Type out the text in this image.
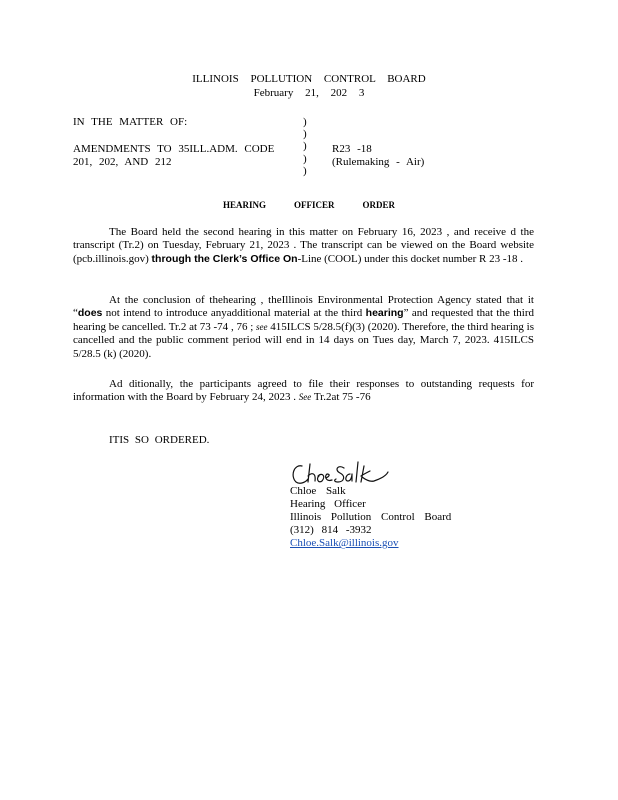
ILLINOIS POLLUTION CONTROL BOARD
February 21, 202 3
IN THE MATTER OF:
AMENDMENTS TO 35ILL.ADM. CODE
201, 202, AND 212
)
)
)
)
)
R23 -18
(Rulemaking - Air)
HEARING	OFFICER	ORDER
The Board held the second hearing in this matter on February 16, 2023 , and receive d the transcript (Tr.2) on Tuesday, February 21, 2023 . The transcript can be viewed on the Board website (pcb.illinois.gov) through the Clerk’s Office On-Line (COOL) under this docket number R 23 -18 .
At the conclusion of thehearing , theIllinois Environmental Protection Agency stated that it “does not intend to introduce anyadditional material at the third hearing” and requested that the third hearing be cancelled. Tr.2 at 73 -74 , 76 ; see 415ILCS 5/28.5(f)(3) (2020). Therefore, the third hearing is cancelled and the public comment period will end in 14 days on Tues day, March 7, 2023. 415ILCS 5/28.5 (k) (2020).
Ad ditionally, the participants agreed to file their responses to outstanding requests for information with the Board by February 24, 2023 . See Tr.2at 75 -76
ITIS SO ORDERED.
Chloe Salk
Hearing Officer
Illinois Pollution Control Board
(312) 814 -3932
Chloe.Salk@illinois.gov
